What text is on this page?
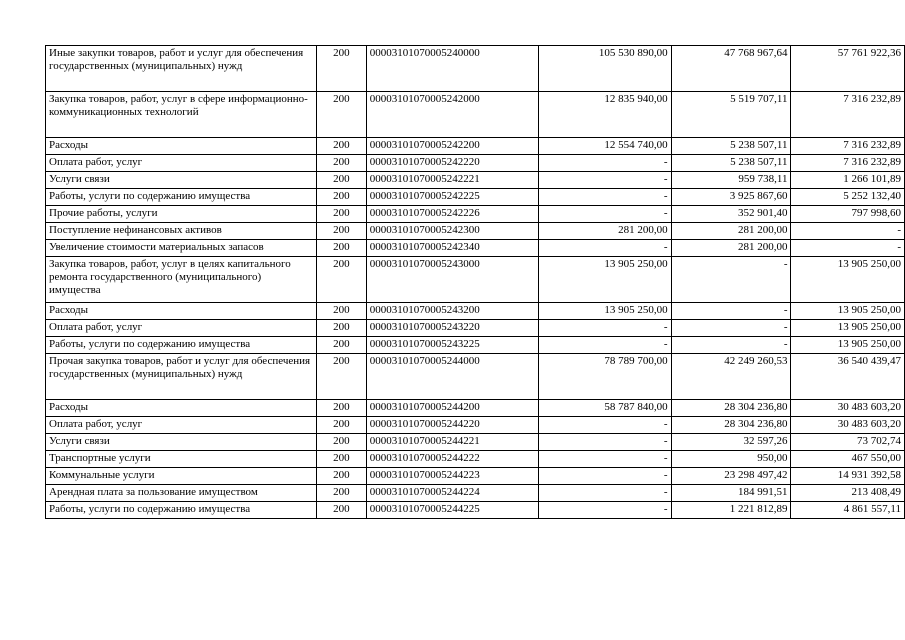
Иные закупки товаров, работ и услуг для обеспечения государственных (муниципальных) нужд	200	00003101070005240000	105 530 890,00	47 768 967,64	57 761 922,36
Закупка товаров, работ, услуг в сфере информационно-коммуникационных технологий	200	00003101070005242000	12 835 940,00	5 519 707,11	7 316 232,89
Расходы	200	00003101070005242200	12 554 740,00	5 238 507,11	7 316 232,89
Оплата работ, услуг	200	00003101070005242220	-	5 238 507,11	7 316 232,89
Услуги связи	200	00003101070005242221	-	959 738,11	1 266 101,89
Работы, услуги по содержанию имущества	200	00003101070005242225	-	3 925 867,60	5 252 132,40
Прочие работы, услуги	200	00003101070005242226	-	352 901,40	797 998,60
Поступление нефинансовых активов	200	00003101070005242300	281 200,00	281 200,00	-
Увеличение стоимости материальных запасов	200	00003101070005242340	-	281 200,00	-
Закупка товаров, работ, услуг в целях капитального ремонта государственного (муниципального) имущества	200	00003101070005243000	13 905 250,00	-	13 905 250,00
Расходы	200	00003101070005243200	13 905 250,00	-	13 905 250,00
Оплата работ, услуг	200	00003101070005243220	-	-	13 905 250,00
Работы, услуги по содержанию имущества	200	00003101070005243225	-	-	13 905 250,00
Прочая закупка товаров, работ и услуг для обеспечения государственных (муниципальных) нужд	200	00003101070005244000	78 789 700,00	42 249 260,53	36 540 439,47
Расходы	200	00003101070005244200	58 787 840,00	28 304 236,80	30 483 603,20
Оплата работ, услуг	200	00003101070005244220	-	28 304 236,80	30 483 603,20
Услуги связи	200	00003101070005244221	-	32 597,26	73 702,74
Транспортные услуги	200	00003101070005244222	-	950,00	467 550,00
Коммунальные услуги	200	00003101070005244223	-	23 298 497,42	14 931 392,58
Арендная плата за пользование имуществом	200	00003101070005244224	-	184 991,51	213 408,49
Работы, услуги по содержанию имущества	200	00003101070005244225	-	1 221 812,89	4 861 557,11
